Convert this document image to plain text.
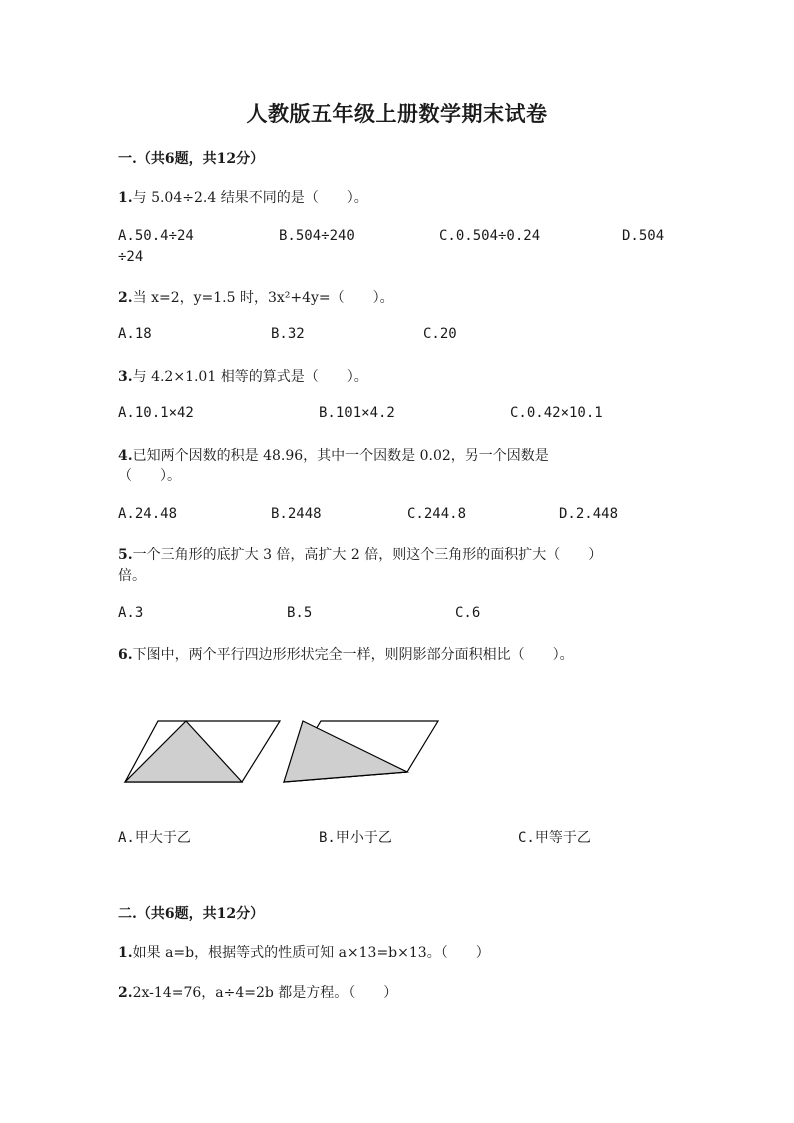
人教版五年级上册数学期末试卷
一.（共6题，共12分）
1.与 5.04÷2.4 结果不同的是（　　）。
A.50.4÷24	B.504÷240	C.0.504÷0.24	D.504
÷24
2.当 x=2，y=1.5 时，3x²+4y=（　　）。
A.18	B.32	C.20
3.与 4.2×1.01 相等的算式是（　　）。
A.10.1×42	B.101×4.2	C.0.42×10.1
4.已知两个因数的积是 48.96，其中一个因数是 0.02，另一个因数是
（　　）。
A.24.48	B.2448	C.244.8	D.2.448
5.一个三角形的底扩大 3 倍，高扩大 2 倍，则这个三角形的面积扩大（　　）
倍。
A.3	B.5	C.6
6.下图中，两个平行四边形形状完全一样，则阴影部分面积相比（　　）。
A.甲大于乙	B.甲小于乙	C.甲等于乙
二.（共6题，共12分）
1.如果 a=b，根据等式的性质可知 a×13=b×13。（　　）
2.2x-14=76，a÷4=2b 都是方程。（　　）
